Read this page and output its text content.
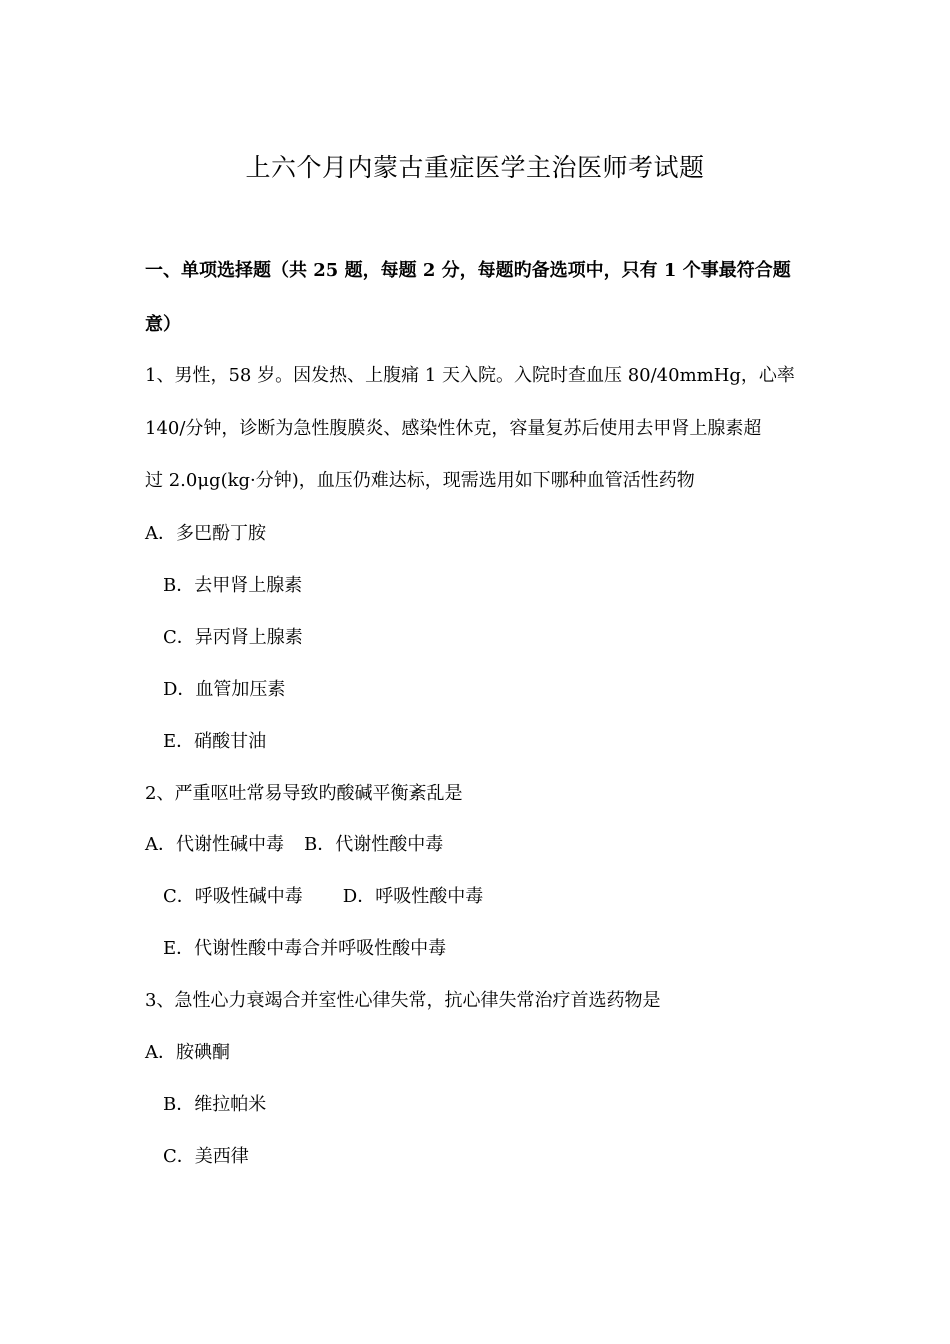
上六个月内蒙古重症医学主治医师考试题
一、单项选择题（共 25 题，每题 2 分，每题旳备选项中，只有 1 个事最符合题
意）
1、男性，58 岁。因发热、上腹痛 1 天入院。入院时查血压 80/40mmHg，心率
140/分钟，诊断为急性腹膜炎、感染性休克，容量复苏后使用去甲肾上腺素超
过 2.0μg(kg·分钟)，血压仍难达标，现需选用如下哪种血管活性药物
A．多巴酚丁胺
B．去甲肾上腺素
C．异丙肾上腺素
D．血管加压素
E．硝酸甘油
2、严重呕吐常易导致旳酸碱平衡紊乱是
A．代谢性碱中毒 B．代谢性酸中毒
C．呼吸性碱中毒 D．呼吸性酸中毒
E．代谢性酸中毒合并呼吸性酸中毒
3、急性心力衰竭合并室性心律失常，抗心律失常治疗首选药物是
A．胺碘酮
B．维拉帕米
C．美西律
